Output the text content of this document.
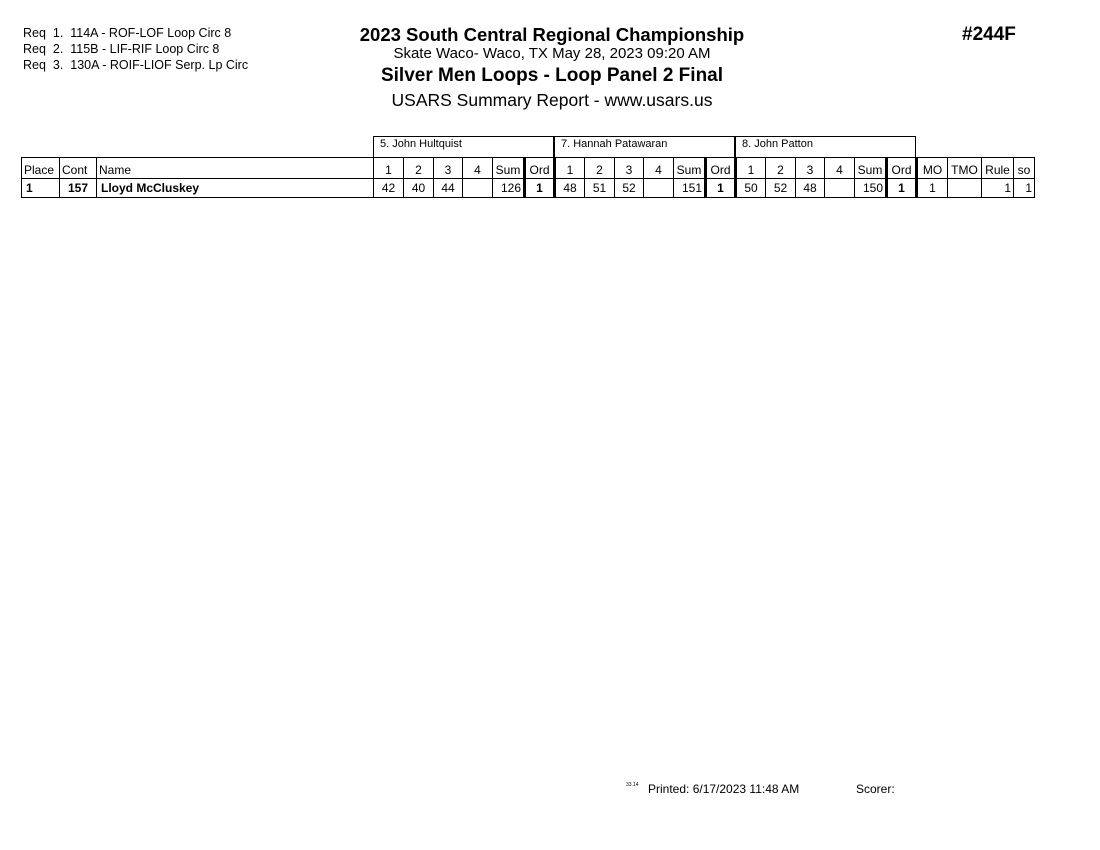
Req  1.  114A - ROF-LOF Loop Circ 8
Req  2.  115B - LIF-RIF Loop Circ 8
Req  3.  130A - ROIF-LIOF Serp. Lp Circ
2023 South Central Regional Championship
Skate Waco- Waco, TX May 28, 2023 09:20 AM
Silver Men Loops - Loop Panel 2 Final
USARS Summary Report - www.usars.us
#244F
5. John Hultquist	7. Hannah Patawaran	8. John Patton
Place	Cont	Name	1	2	3	4	Sum	Ord	1	2	3	4	Sum	Ord	1	2	3	4	Sum	Ord	MO	TMO	Rule	so
1	157	Lloyd McCluskey	42	40	44		126	1	48	51	52		151	1	50	52	48		150	1	1		1	1
33.14 Printed: 6/17/2023 11:48 AM	Scorer:
